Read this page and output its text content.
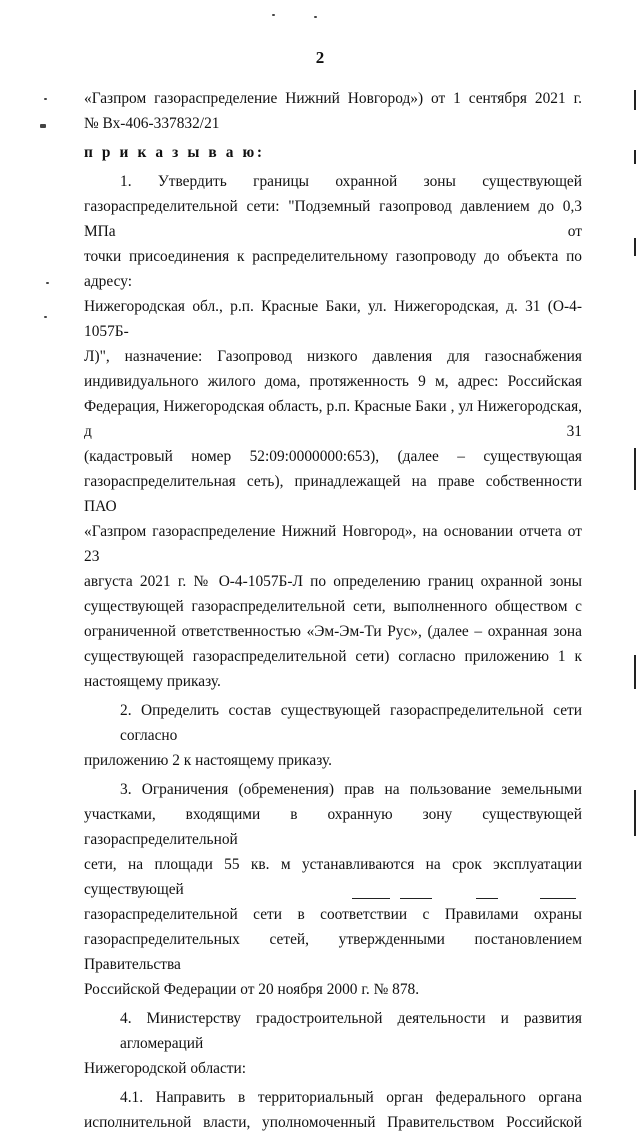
2
«Газпром газораспределение Нижний Новгород») от 1 сентября 2021 г.
№ Вх-406-337832/21
п р и к а з ы в а ю:
1. Утвердить границы охранной зоны существующей
газораспределительной сети: "Подземный газопровод давлением до 0,3 МПа от
точки присоединения к распределительному газопроводу до объекта по адресу:
Нижегородская обл., р.п. Красные Баки, ул. Нижегородская, д. 31 (О-4-1057Б-
Л)", назначение: Газопровод низкого давления для газоснабжения
индивидуального жилого дома, протяженность 9 м, адрес: Российская
Федерация, Нижегородская область, р.п. Красные Баки , ул Нижегородская, д 31
(кадастровый номер 52:09:0000000:653), (далее – существующая
газораспределительная сеть), принадлежащей на праве собственности ПАО
«Газпром газораспределение Нижний Новгород», на основании отчета от 23
августа 2021 г. № О-4-1057Б-Л по определению границ охранной зоны
существующей газораспределительной сети, выполненного обществом с
ограниченной ответственностью «Эм-Эм-Ти Рус», (далее – охранная зона
существующей газораспределительной сети) согласно приложению 1 к
настоящему приказу.
2. Определить состав существующей газораспределительной сети согласно
приложению 2 к настоящему приказу.
3. Ограничения (обременения) прав на пользование земельными
участками, входящими в охранную зону существующей газораспределительной
сети, на площади 55 кв. м устанавливаются на срок эксплуатации существующей
газораспределительной сети в соответствии с Правилами охраны
газораспределительных сетей, утвержденными постановлением Правительства
Российской Федерации от 20 ноября 2000 г. № 878.
4. Министерству градостроительной деятельности и развития агломераций
Нижегородской области:
4.1. Направить в территориальный орган федерального органа
исполнительной власти, уполномоченный Правительством Российской
